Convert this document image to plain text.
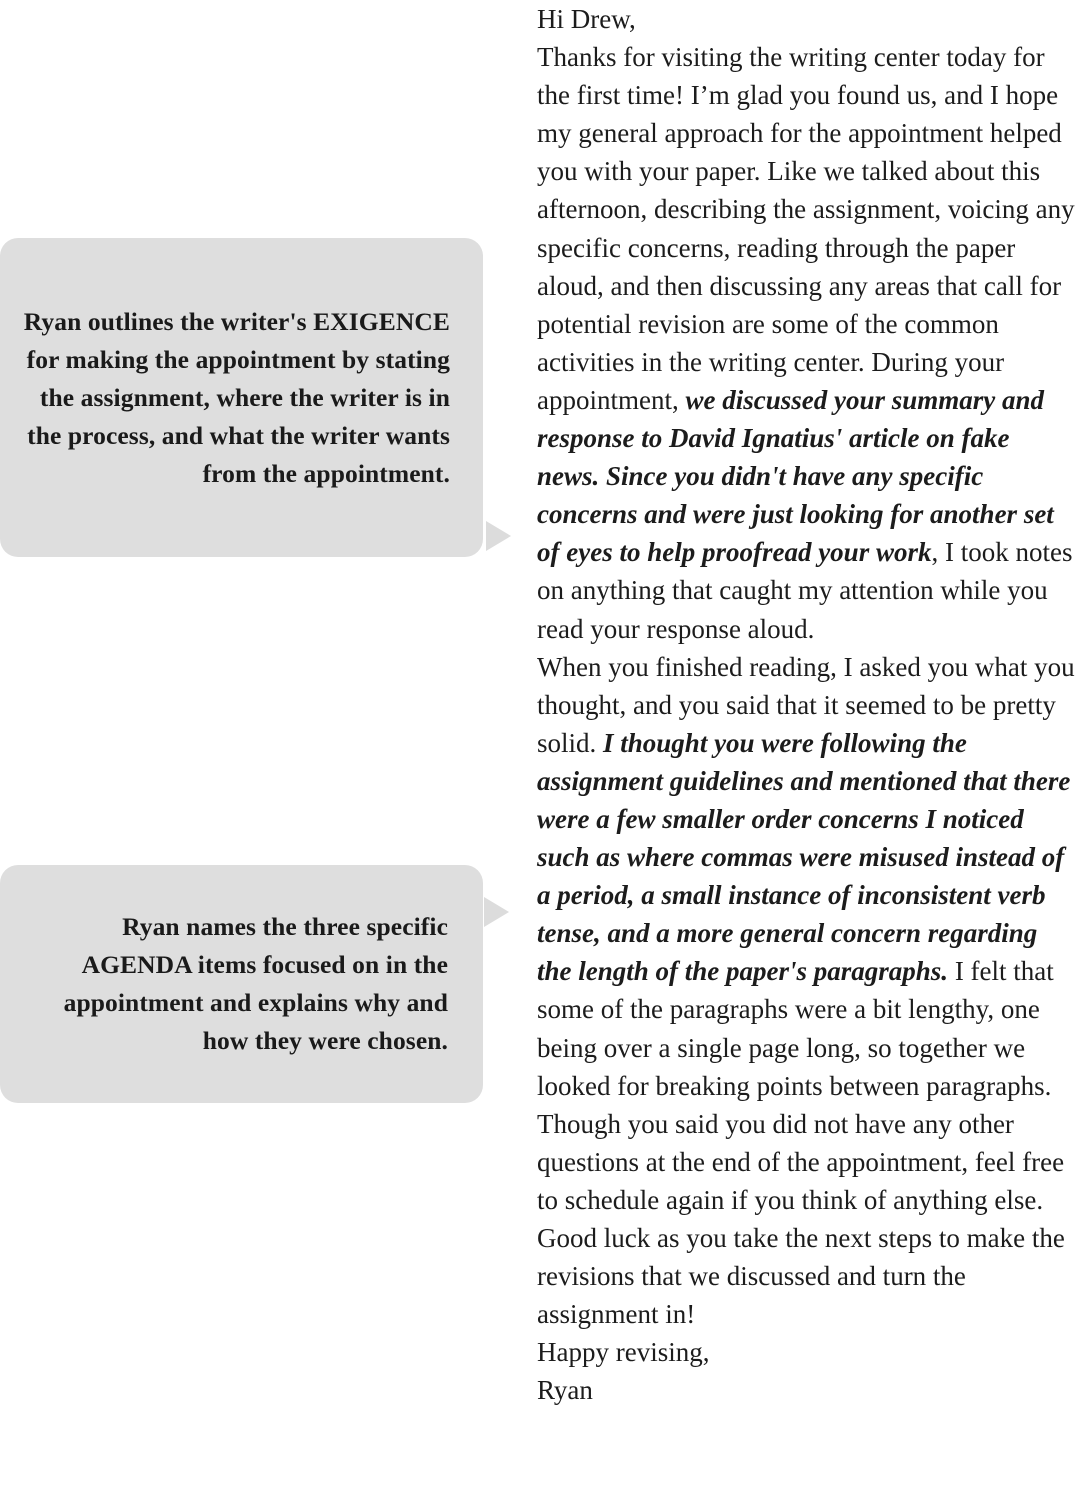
Ryan outlines the writer's EXIGENCE for making the appointment by stating the assignment, where the writer is in the process, and what the writer wants from the appointment.
Ryan names the three specific AGENDA items focused on in the appointment and explains why and how they were chosen.

Hi Drew,

Thanks for visiting the writing center today for the first time! I’m glad you found us, and I hope my general approach for the appointment helped you with your paper. Like we talked about this afternoon, describing the assignment, voicing any specific concerns, reading through the paper aloud, and then discussing any areas that call for potential revision are some of the common activities in the writing center. During your appointment, we discussed your summary and response to David Ignatius' article on fake news. Since you didn't have any specific concerns and were just looking for another set of eyes to help proofread your work, I took notes on anything that caught my attention while you read your response aloud.

When you finished reading, I asked you what you thought, and you said that it seemed to be pretty solid. I thought you were following the assignment guidelines and mentioned that there were a few smaller order concerns I noticed such as where commas were misused instead of a period, a small instance of inconsistent verb tense, and a more general concern regarding the length of the paper's paragraphs. I felt that some of the paragraphs were a bit lengthy, one being over a single page long, so together we looked for breaking points between paragraphs.

Though you said you did not have any other questions at the end of the appointment, feel free to schedule again if you think of anything else. Good luck as you take the next steps to make the revisions that we discussed and turn the assignment in!

Happy revising,

Ryan
